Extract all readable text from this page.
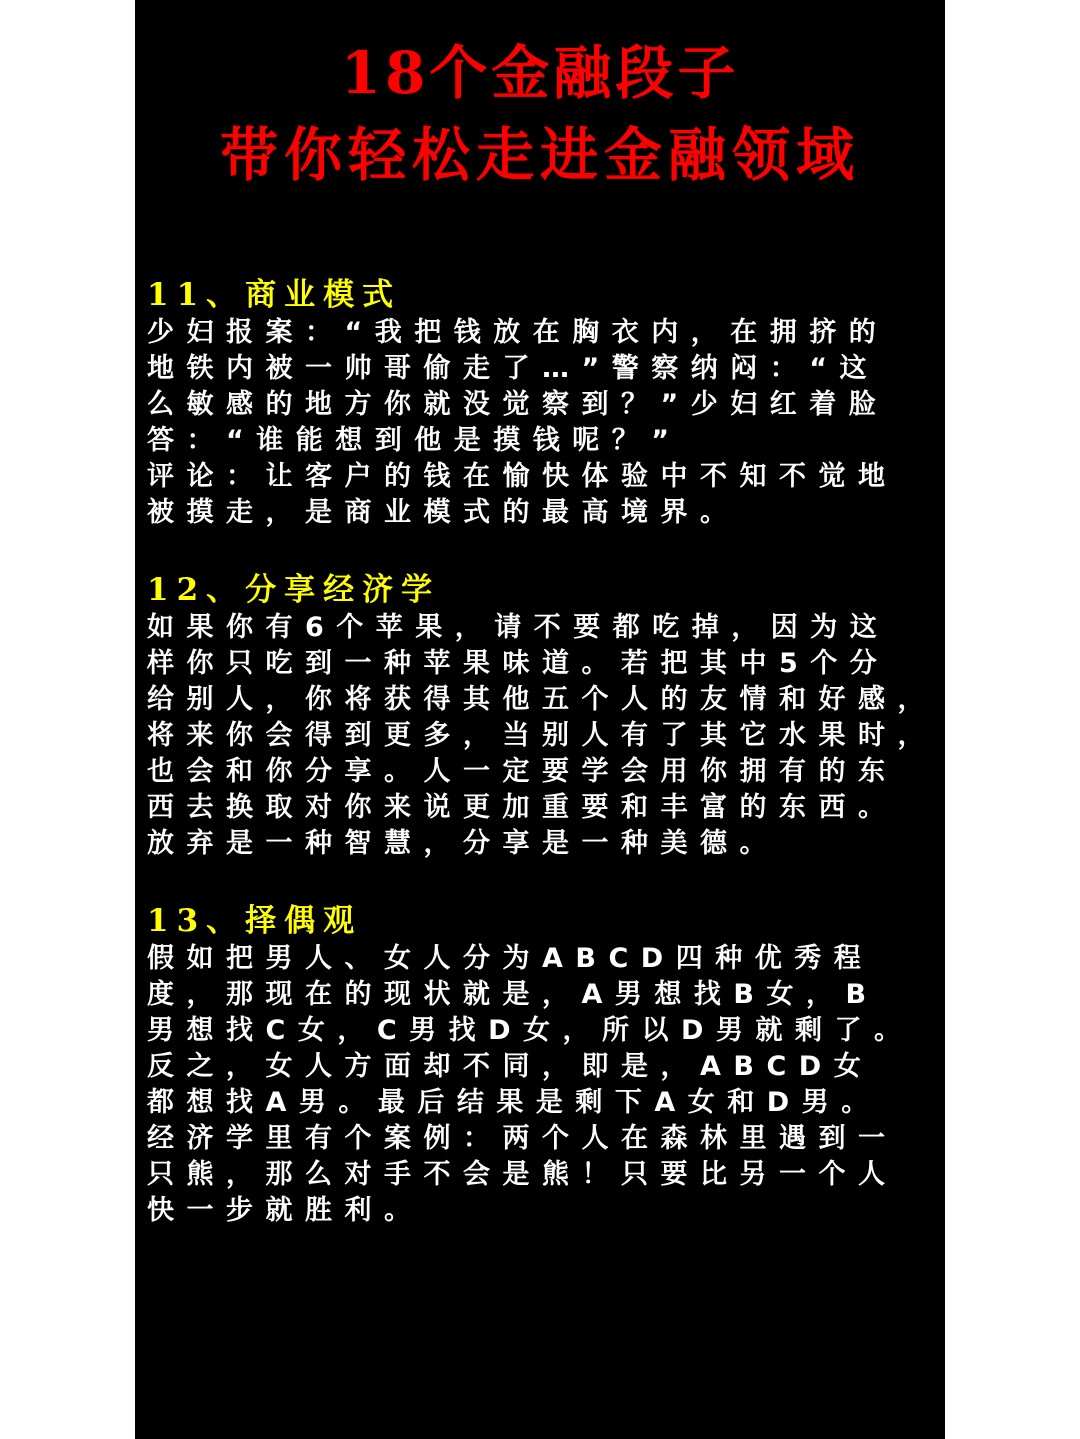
18个金融段子
带你轻松走进金融领域
11、商业模式
少妇报案：“我把钱放在胸衣内，在拥挤的
地铁内被一帅哥偷走了…”警察纳闷：“这
么敏感的地方你就没觉察到？”少妇红着脸
答：“谁能想到他是摸钱呢？”
评论：让客户的钱在愉快体验中不知不觉地
被摸走，是商业模式的最高境界。
12、分享经济学
如果你有6个苹果，请不要都吃掉，因为这
样你只吃到一种苹果味道。若把其中5个分
给别人，你将获得其他五个人的友情和好感，
将来你会得到更多，当别人有了其它水果时，
也会和你分享。人一定要学会用你拥有的东
西去换取对你来说更加重要和丰富的东西。
放弃是一种智慧，分享是一种美德。
13、择偶观
假如把男人、女人分为ABCD四种优秀程
度，那现在的现状就是，A男想找B女，B
男想找C女，C男找D女，所以D男就剩了。
反之，女人方面却不同，即是，ABCD女
都想找A男。最后结果是剩下A女和D男。
经济学里有个案例：两个人在森林里遇到一
只熊，那么对手不会是熊！只要比另一个人
快一步就胜利。
